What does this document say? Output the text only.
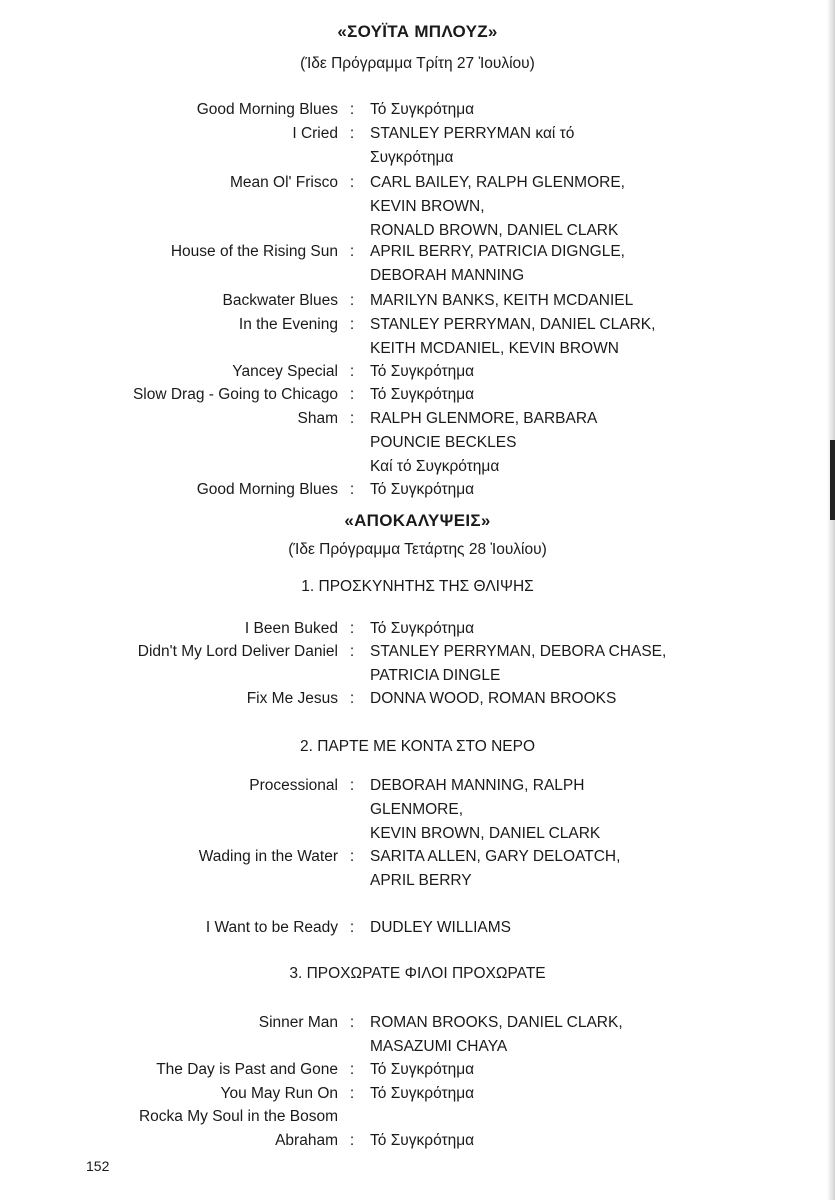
«ΣΟΥΪΤΑ ΜΠΛΟΥΖ»
(Ίδε Πρόγραμμα Τρίτη 27 Ἰουλίου)
Good Morning Blues : Τό Συγκρότημα
I Cried : STANLEY PERRYMAN καί τό
Συγκρότημα
Mean Ol' Frisco : CARL BAILEY, RALPH GLENMORE,
KEVIN BROWN,
RONALD BROWN, DANIEL CLARK
House of the Rising Sun : APRIL BERRY, PATRICIA DIGNGLE,
DEBORAH MANNING
Backwater Blues : MARILYN BANKS, KEITH MCDANIEL
In the Evening : STANLEY PERRYMAN, DANIEL CLARK,
KEITH MCDANIEL, KEVIN BROWN
Yancey Special : Τό Συγκρότημα
Slow Drag - Going to Chicago : Τό Συγκρότημα
Sham : RALPH GLENMORE, BARBARA
POUNCIE BECKLES
Καί τό Συγκρότημα
Good Morning Blues : Τό Συγκρότημα
«ΑΠΟΚΑΛΥΨΕΙΣ»
(Ίδε Πρόγραμμα Τετάρτης 28 Ἰουλίου)
1. ΠΡΟΣΚΥΝΗΤΗΣ ΤΗΣ ΘΛΙΨΗΣ
I Been Buked : Τό Συγκρότημα
Didn't My Lord Deliver Daniel : STANLEY PERRYMAN, DEBORA CHASE,
PATRICIA DINGLE
Fix Me Jesus : DONNA WOOD, ROMAN BROOKS
2. ΠΑΡΤΕ ΜΕ ΚΟΝΤΑ ΣΤΟ ΝΕΡΟ
Processional : DEBORAH MANNING, RALPH
GLENMORE,
KEVIN BROWN, DANIEL CLARK
Wading in the Water : SARITA ALLEN, GARY DELOATCH,
APRIL BERRY
I Want to be Ready : DUDLEY WILLIAMS
3. ΠΡΟΧΩΡΑΤΕ ΦΙΛΟΙ ΠΡΟΧΩΡΑΤΕ
Sinner Man : ROMAN BROOKS, DANIEL CLARK,
MASAZUMI CHAYA
The Day is Past and Gone : Τό Συγκρότημα
You May Run On : Τό Συγκρότημα
Rocka My Soul in the Bosom
Abraham : Τό Συγκρότημα
152
